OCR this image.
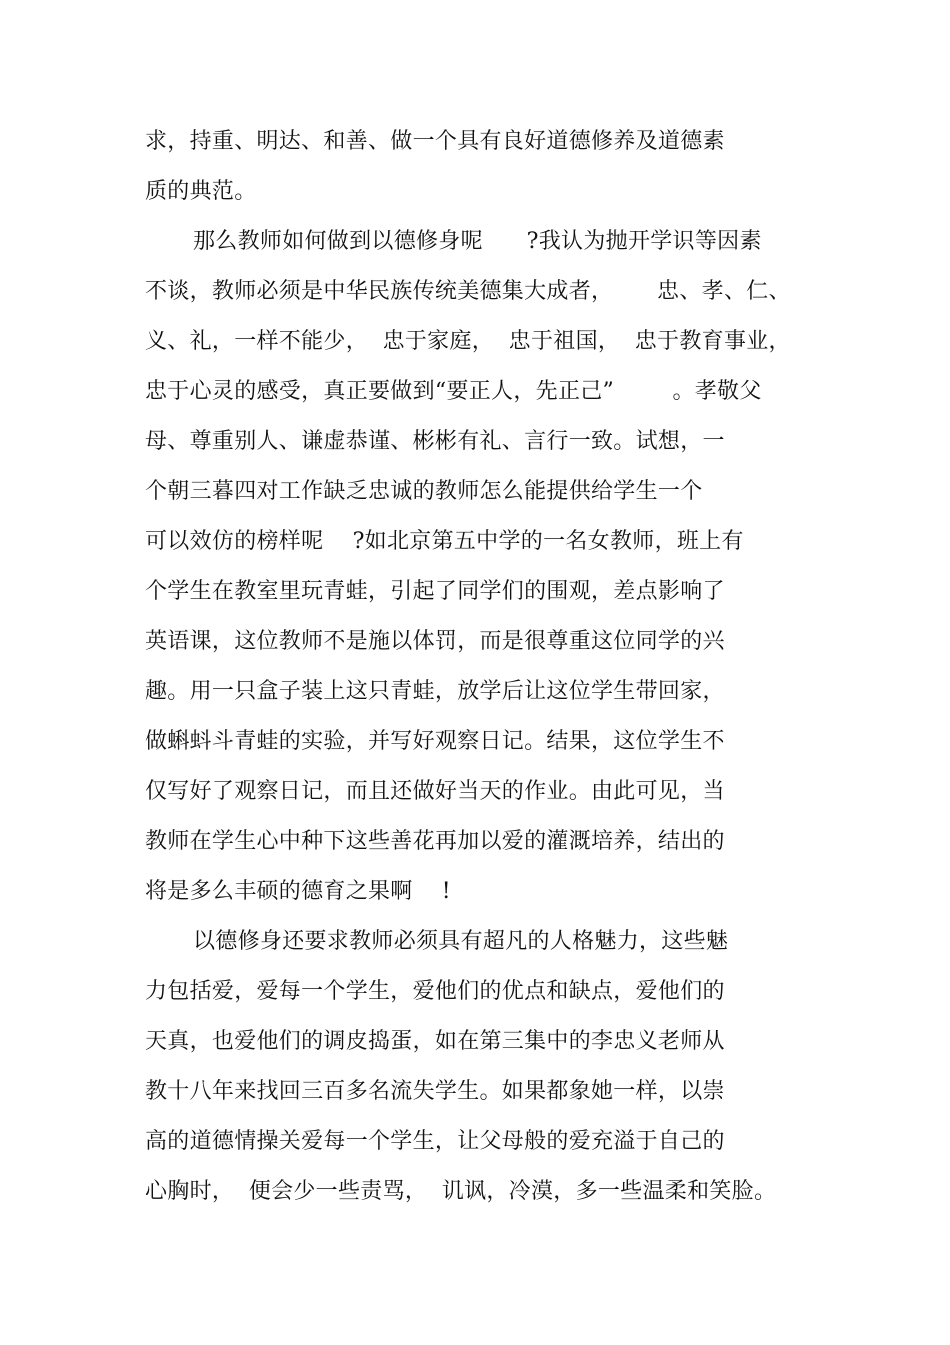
求，持重、明达、和善、做一个具有良好道德修养及道德素

质的典范。

那么教师如何做到以德修身呢      ?我认为抛开学识等因素

不谈，教师必须是中华民族传统美德集大成者，      忠、孝、仁、

义、礼，一样不能少，  忠于家庭，  忠于祖国，  忠于教育事业，

忠于心灵的感受，真正要做到“要正人，先正己”        。孝敬父

母、尊重别人、谦虚恭谨、彬彬有礼、言行一致。试想，一

个朝三暮四对工作缺乏忠诚的教师怎么能提供给学生一个

可以效仿的榜样呢    ?如北京第五中学的一名女教师，班上有

个学生在教室里玩青蛙，引起了同学们的围观，差点影响了

英语课，这位教师不是施以体罚，而是很尊重这位同学的兴

趣。用一只盒子装上这只青蛙，放学后让这位学生带回家，

做蝌蚪斗青蛙的实验，并写好观察日记。结果，这位学生不

仅写好了观察日记，而且还做好当天的作业。由此可见，当

教师在学生心中种下这些善花再加以爱的灌溉培养，结出的

将是多么丰硕的德育之果啊    !

以德修身还要求教师必须具有超凡的人格魅力，这些魅

力包括爱，爱每一个学生，爱他们的优点和缺点，爱他们的

天真，也爱他们的调皮捣蛋，如在第三集中的李忠义老师从

教十八年来找回三百多名流失学生。如果都象她一样，以崇

高的道德情操关爱每一个学生，让父母般的爱充溢于自己的

心胸时，  便会少一些责骂，  讥讽，冷漠，多一些温柔和笑脸。
